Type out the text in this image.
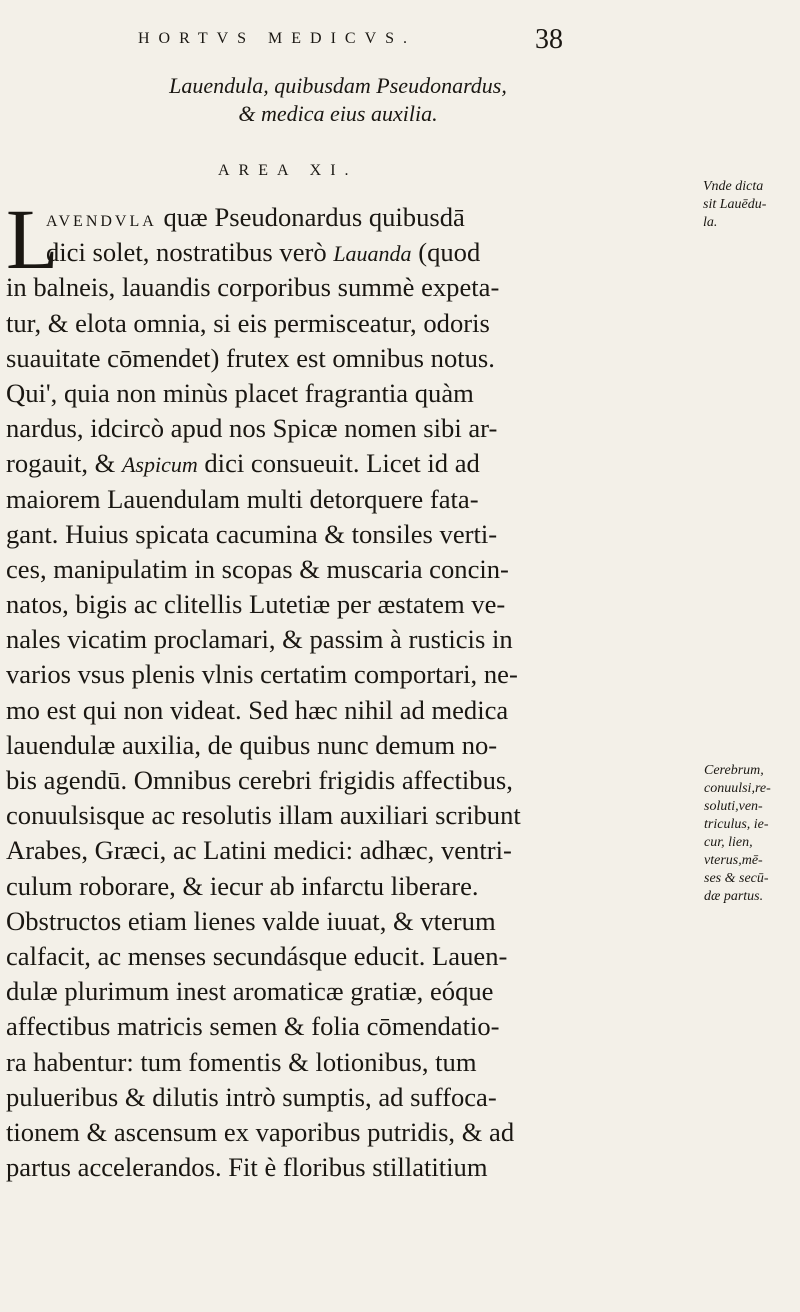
HORTVS MEDICVS.	38
Lauendula, quibusdam Pseudonardus,
& medica eius auxilia.
AREA XI.
L
AVENDVLA quæ Pseudonardus quibusdā
dici solet, nostratibus verò Lauanda (quod
in balneis, lauandis corporibus summè expeta-
tur, & elota omnia, si eis permisceatur, odoris
suauitate cōmendet) frutex est omnibus notus.
Qui', quia non minùs placet fragrantia quàm
nardus, idcircò apud nos Spicæ nomen sibi ar-
rogauit, & Aspicum dici consueuit. Licet id ad
maiorem Lauendulam multi detorquere fata-
gant. Huius spicata cacumina & tonsiles verti-
ces, manipulatim in scopas & muscaria concin-
natos, bigis ac clitellis Lutetiæ per æstatem ve-
nales vicatim proclamari, & passim à rusticis in
varios vsus plenis vlnis certatim comportari, ne-
mo est qui non videat. Sed hæc nihil ad medica
lauendulæ auxilia, de quibus nunc demum no-
bis agendū. Omnibus cerebri frigidis affectibus,
conuulsisque ac resolutis illam auxiliari scribunt
Arabes, Græci, ac Latini medici: adhæc, ventri-
culum roborare, & iecur ab infarctu liberare.
Obstructos etiam lienes valde iuuat, & vterum
calfacit, ac menses secundásque educit. Lauen-
dulæ plurimum inest aromaticæ gratiæ, eóque
affectibus matricis semen & folia cōmendatio-
ra habentur: tum fomentis & lotionibus, tum
pulueribus & dilutis intrò sumptis, ad suffoca-
tionem & ascensum ex vaporibus putridis, & ad
partus accelerandos. Fit è floribus stillatitium
Vnde dicta
sit Lauēdu-
la.
Cerebrum,
conuulsi,re-
soluti,ven-
triculus, ie-
cur, lien,
vterus,mē-
ses & secū-
dæ partus.
